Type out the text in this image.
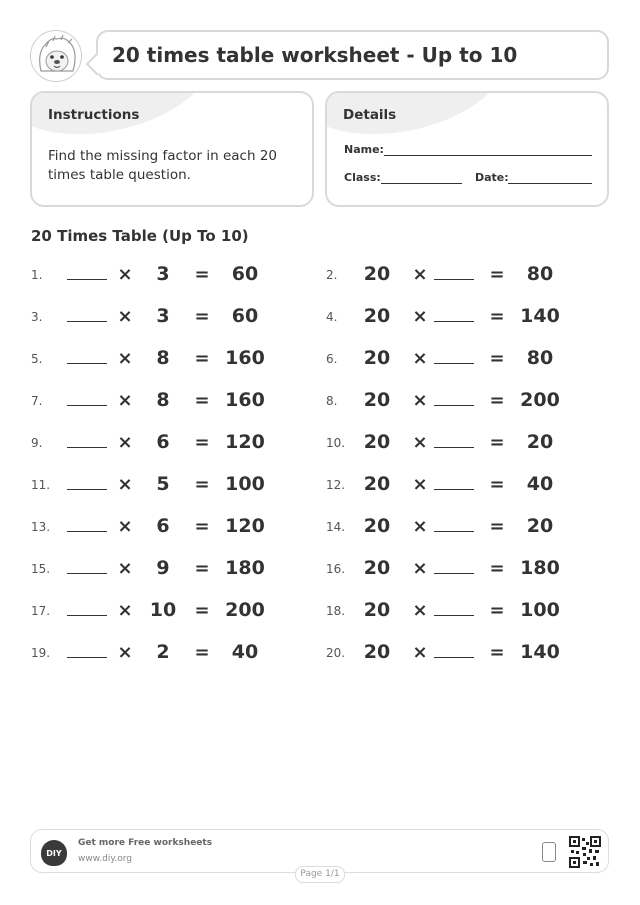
20 times table worksheet - Up to 10
Instructions
Find the missing factor in each 20 times table question.
Details
Name:
Class:	Date:
20 Times Table (Up To 10)
1.	×	3	=	60	2.	20	×	=	80
3.	×	3	=	60	4.	20	×	= 140
5.	×	8	= 160	6.	20	×	=	80
7.	×	8	= 160	8.	20	×	= 200
9.	×	6	= 120	10. 20	×	=	20
11.	×	5	= 100	12. 20	×	=	40
13.	×	6	= 120	14. 20	×	=	20
15.	×	9	= 180	16. 20	×	= 180
17.	× 10	= 200	18. 20	×	= 100
19.	×	2	=	40	20. 20	×	= 140
DIY
Get more Free worksheets
www.diy.org
Page 1/1
